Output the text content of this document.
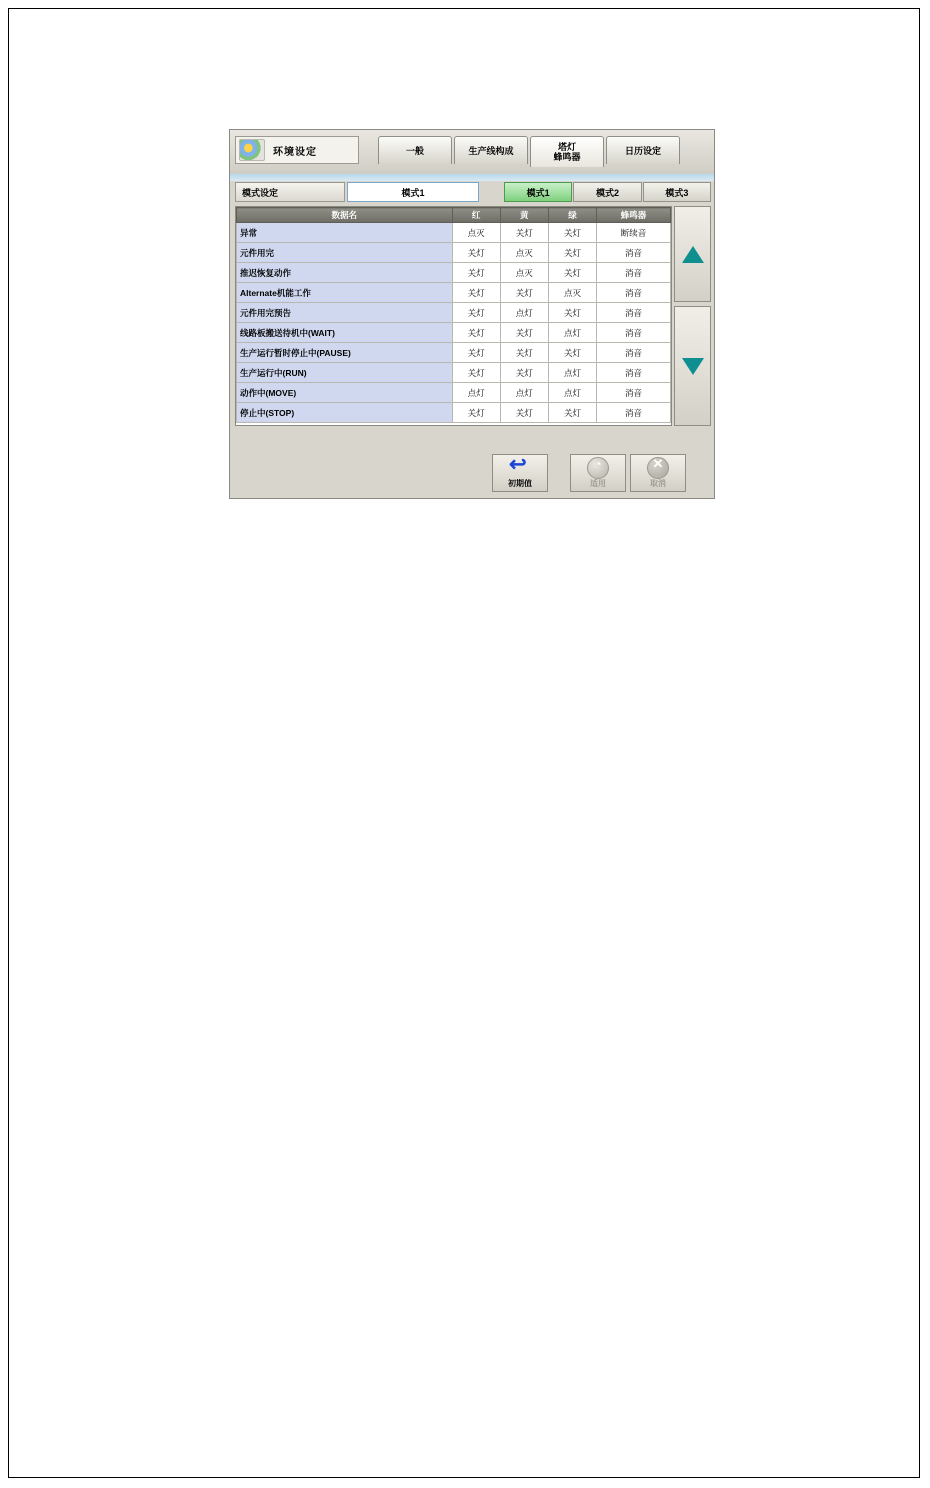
环境设定	一般	生产线构成	塔灯
蜂鸣器
日历设定
模式设定	模式1	模式1	模式2	模式3
数据名	红	黄	绿	蜂鸣器
异常	点灭	关灯	关灯	断续音
元件用完	关灯	点灭	关灯	消音
推迟恢复动作	关灯	点灭	关灯	消音
Alternate机能工作	关灯	关灯	点灭	消音
元件用完预告	关灯	点灯	关灯	消音
线路板搬送待机中(WAIT)	关灯	关灯	点灯	消音
生产运行暂时停止中(PAUSE)	关灯	关灯	关灯	消音
生产运行中(RUN)	关灯	关灯	点灯	消音
动作中(MOVE)	点灯	点灯	点灯	消音
停止中(STOP)	关灯	关灯	关灯	消音
↩
初期值
◔	适用
✕	取消
